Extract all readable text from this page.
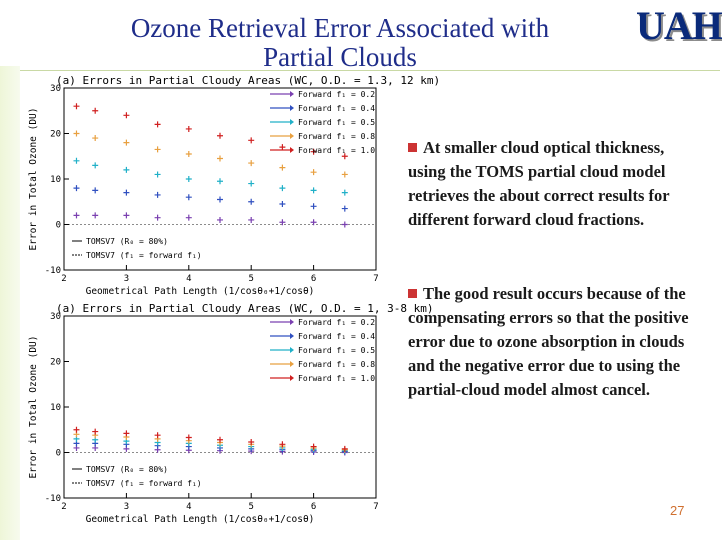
Ozone Retrieval Error Associated with
Partial Clouds
UAH
(a) Errors in Partial Cloudy Areas (WC, O.D. = 1.3, 12 km)
2	3	4	5	6	7
-10
0
10
20
30
Geometrical Path Length (1/cosθ₀+1/cosθ)
Error in Total Ozone (DU)
Forward f₁ = 0.2
Forward f₁ = 0.4
Forward f₁ = 0.5
Forward f₁ = 0.8
Forward f₁ = 1.0
TOMSV7 (R₀ = 80%)
TOMSV7 (f₁ = forward f₁)
(a) Errors in Partial Cloudy Areas (WC, O.D. = 1, 3-8 km)
2	3	4	5	6	7
-10
0
10
20
30
Geometrical Path Length (1/cosθ₀+1/cosθ)
Error in Total Ozone (DU)
Forward f₁ = 0.2
Forward f₁ = 0.4
Forward f₁ = 0.5
Forward f₁ = 0.8
Forward f₁ = 1.0
TOMSV7 (R₀ = 80%)
TOMSV7 (f₁ = forward f₁)
At smaller cloud optical thickness, using the TOMS partial cloud model retrieves the about correct results for different forward cloud fractions.
The good result occurs because of the compensating errors so that the positive error due to ozone absorption in clouds and the negative error due to using the partial-cloud model almost cancel.
27
